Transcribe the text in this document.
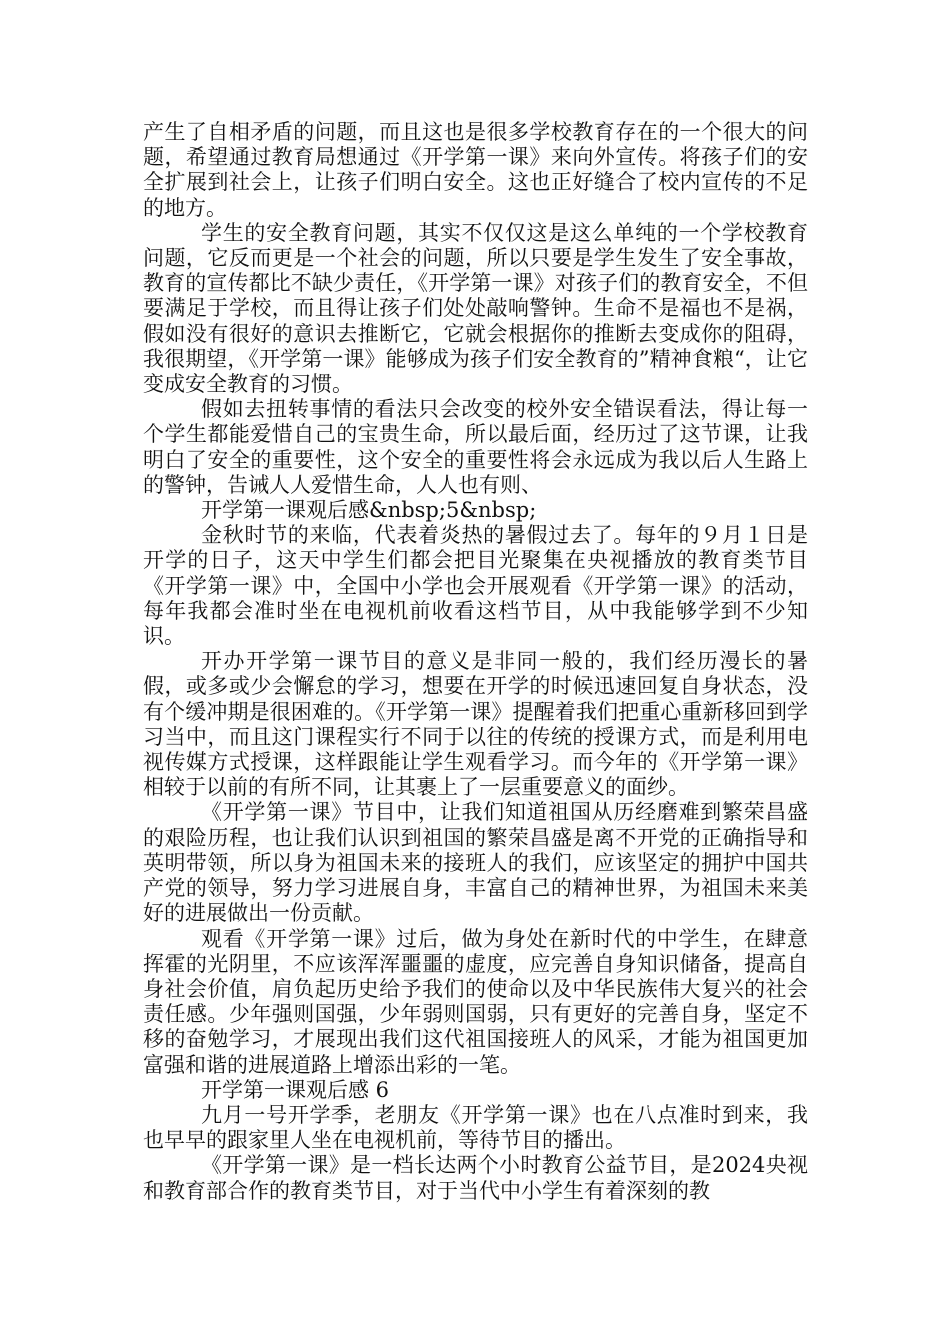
产生了自相矛盾的问题，而且这也是很多学校教育存在的一个很大的问题，希望通过教育局想通过《开学第一课》来向外宣传。将孩子们的安全扩展到社会上，让孩子们明白安全。这也正好缝合了校内宣传的不足的地方。

学生的安全教育问题，其实不仅仅这是这么单纯的一个学校教育问题，它反而更是一个社会的问题，所以只要是学生发生了安全事故，教育的宣传都比不缺少责任，《开学第一课》对孩子们的教育安全，不但要满足于学校，而且得让孩子们处处敲响警钟。生命不是福也不是祸，假如没有很好的意识去推断它，它就会根据你的推断去变成你的阻碍，我很期望，《开学第一课》能够成为孩子们安全教育的”精神食粮“，让它变成安全教育的习惯。

假如去扭转事情的看法只会改变的校外安全错误看法，得让每一个学生都能爱惜自己的宝贵生命，所以最后面，经历过了这节课，让我明白了安全的重要性，这个安全的重要性将会永远成为我以后人生路上的警钟，告诫人人爱惜生命，人人也有则、

开学第一课观后感&nbsp;5&nbsp;

金秋时节的来临，代表着炎热的暑假过去了。每年的９月１日是开学的日子，这天中学生们都会把目光聚集在央视播放的教育类节目《开学第一课》中，全国中小学也会开展观看《开学第一课》的活动，每年我都会准时坐在电视机前收看这档节目，从中我能够学到不少知识。

开办开学第一课节目的意义是非同一般的，我们经历漫长的暑假，或多或少会懈怠的学习，想要在开学的时候迅速回复自身状态，没有个缓冲期是很困难的。《开学第一课》提醒着我们把重心重新移回到学习当中，而且这门课程实行不同于以往的传统的授课方式，而是利用电视传媒方式授课，这样跟能让学生观看学习。而今年的《开学第一课》相较于以前的有所不同，让其裹上了一层重要意义的面纱。

《开学第一课》节目中，让我们知道祖国从历经磨难到繁荣昌盛的艰险历程，也让我们认识到祖国的繁荣昌盛是离不开党的正确指导和英明带领，所以身为祖国未来的接班人的我们，应该坚定的拥护中国共产党的领导，努力学习进展自身，丰富自己的精神世界，为祖国未来美好的进展做出一份贡献。

观看《开学第一课》过后，做为身处在新时代的中学生，在肆意挥霍的光阴里，不应该浑浑噩噩的虚度，应完善自身知识储备，提高自身社会价值，肩负起历史给予我们的使命以及中华民族伟大复兴的社会责任感。少年强则国强，少年弱则国弱，只有更好的完善自身，坚定不移的奋勉学习，才展现出我们这代祖国接班人的风采，才能为祖国更加富强和谐的进展道路上增添出彩的一笔。

开学第一课观后感 6

九月一号开学季，老朋友《开学第一课》也在八点准时到来，我也早早的跟家里人坐在电视机前，等待节目的播出。

《开学第一课》是一档长达两个小时教育公益节目，是2024央视和教育部合作的教育类节目，对于当代中小学生有着深刻的教
